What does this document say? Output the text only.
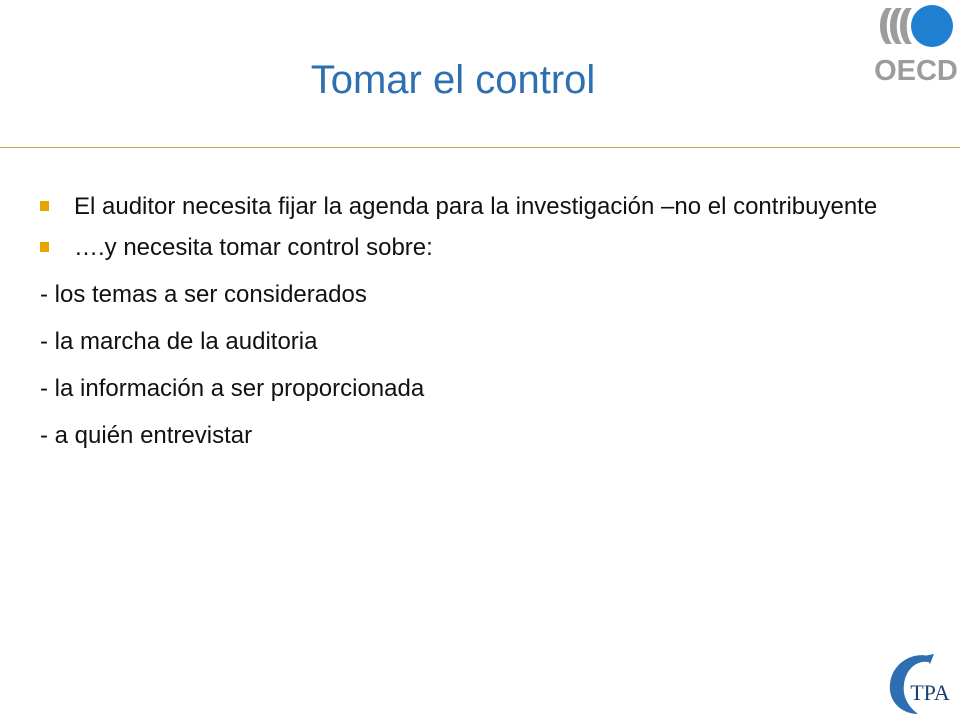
OECD
Tomar el control
El auditor necesita fijar la agenda para la investigación –no el contribuyente
….y necesita tomar control sobre:
- los temas a ser considerados
- la marcha de la auditoria
- la información a ser proporcionada
- a quién entrevistar
TPA
